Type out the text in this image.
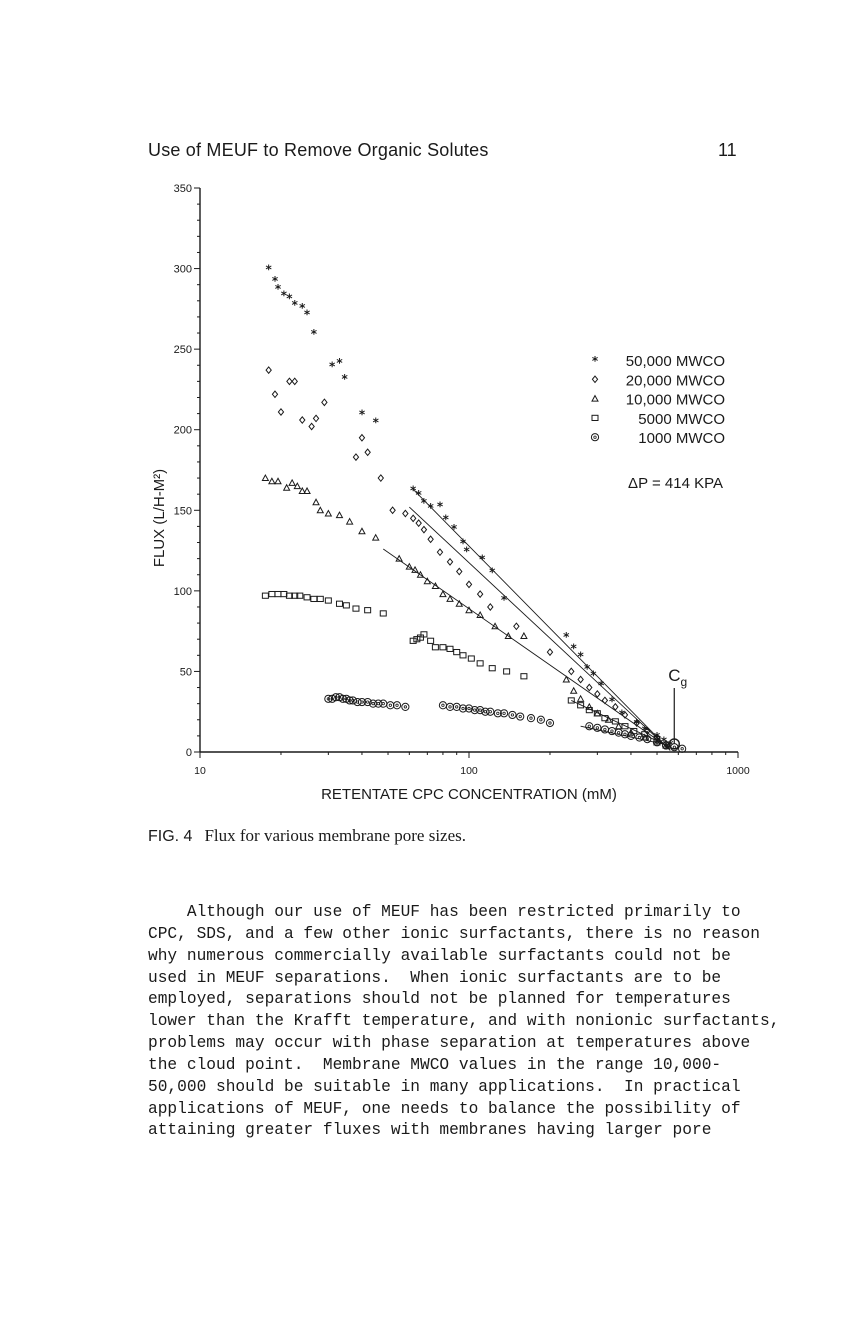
Use of MEUF to Remove Organic Solutes	11
0
50
100
150
200
250
300
350
10	100	1000
*
*
* * * * *
*
*
* *
*
*
*
* *
* * *
*
*
*
*
*
*
*
*
*
*
* *
*
*
*
* * * * *
* 50,000 MWCO
20,000 MWCO
10,000 MWCO
5000 MWCO
1000 MWCO
RETENTATE CPC CONCENTRATION (mM)
FLUX (L/H-M²)	ΔP = 414 KPA
$C_g$
FIG. 4 Flux for various membrane pore sizes.
Although our use of MEUF has been restricted primarily to
CPC, SDS, and a few other ionic surfactants, there is no reason
why numerous commercially available surfactants could not be
used in MEUF separations.  When ionic surfactants are to be
employed, separations should not be planned for temperatures
lower than the Krafft temperature, and with nonionic surfactants,
problems may occur with phase separation at temperatures above
the cloud point.  Membrane MWCO values in the range 10,000-
50,000 should be suitable in many applications.  In practical
applications of MEUF, one needs to balance the possibility of
attaining greater fluxes with membranes having larger pore
